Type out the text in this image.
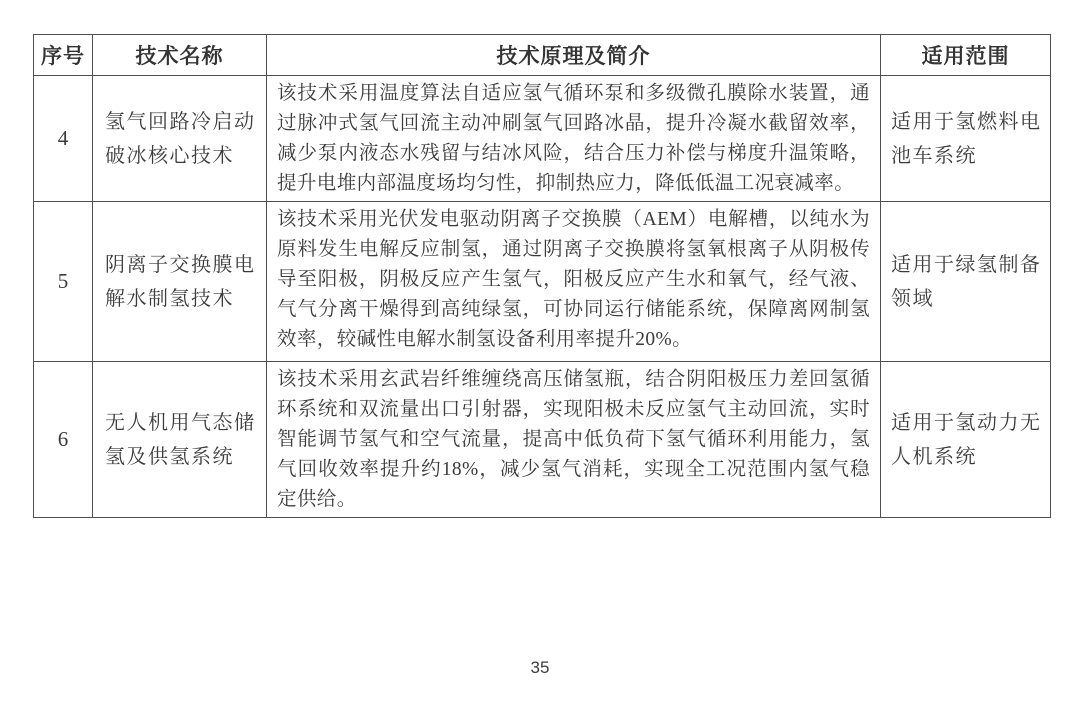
序号	技术名称	技术原理及简介	适用范围
4	氢气回路冷启动破冰核心技术	该技术采用温度算法自适应氢气循环泵和多级微孔膜除水装置，通过脉冲式氢气回流主动冲刷氢气回路冰晶，提升冷凝水截留效率，减少泵内液态水残留与结冰风险，结合压力补偿与梯度升温策略，提升电堆内部温度场均匀性，抑制热应力，降低低温工况衰减率。	适用于氢燃料电池车系统
5	阴离子交换膜电解水制氢技术	该技术采用光伏发电驱动阴离子交换膜（AEM）电解槽，以纯水为原料发生电解反应制氢，通过阴离子交换膜将氢氧根离子从阴极传导至阳极，阴极反应产生氢气，阳极反应产生水和氧气，经气液、气气分离干燥得到高纯绿氢，可协同运行储能系统，保障离网制氢效率，较碱性电解水制氢设备利用率提升20%。	适用于绿氢制备领域
6	无人机用气态储氢及供氢系统	该技术采用玄武岩纤维缠绕高压储氢瓶，结合阴阳极压力差回氢循环系统和双流量出口引射器，实现阳极未反应氢气主动回流，实时智能调节氢气和空气流量，提高中低负荷下氢气循环利用能力，氢气回收效率提升约18%，减少氢气消耗，实现全工况范围内氢气稳定供给。	适用于氢动力无人机系统
35
